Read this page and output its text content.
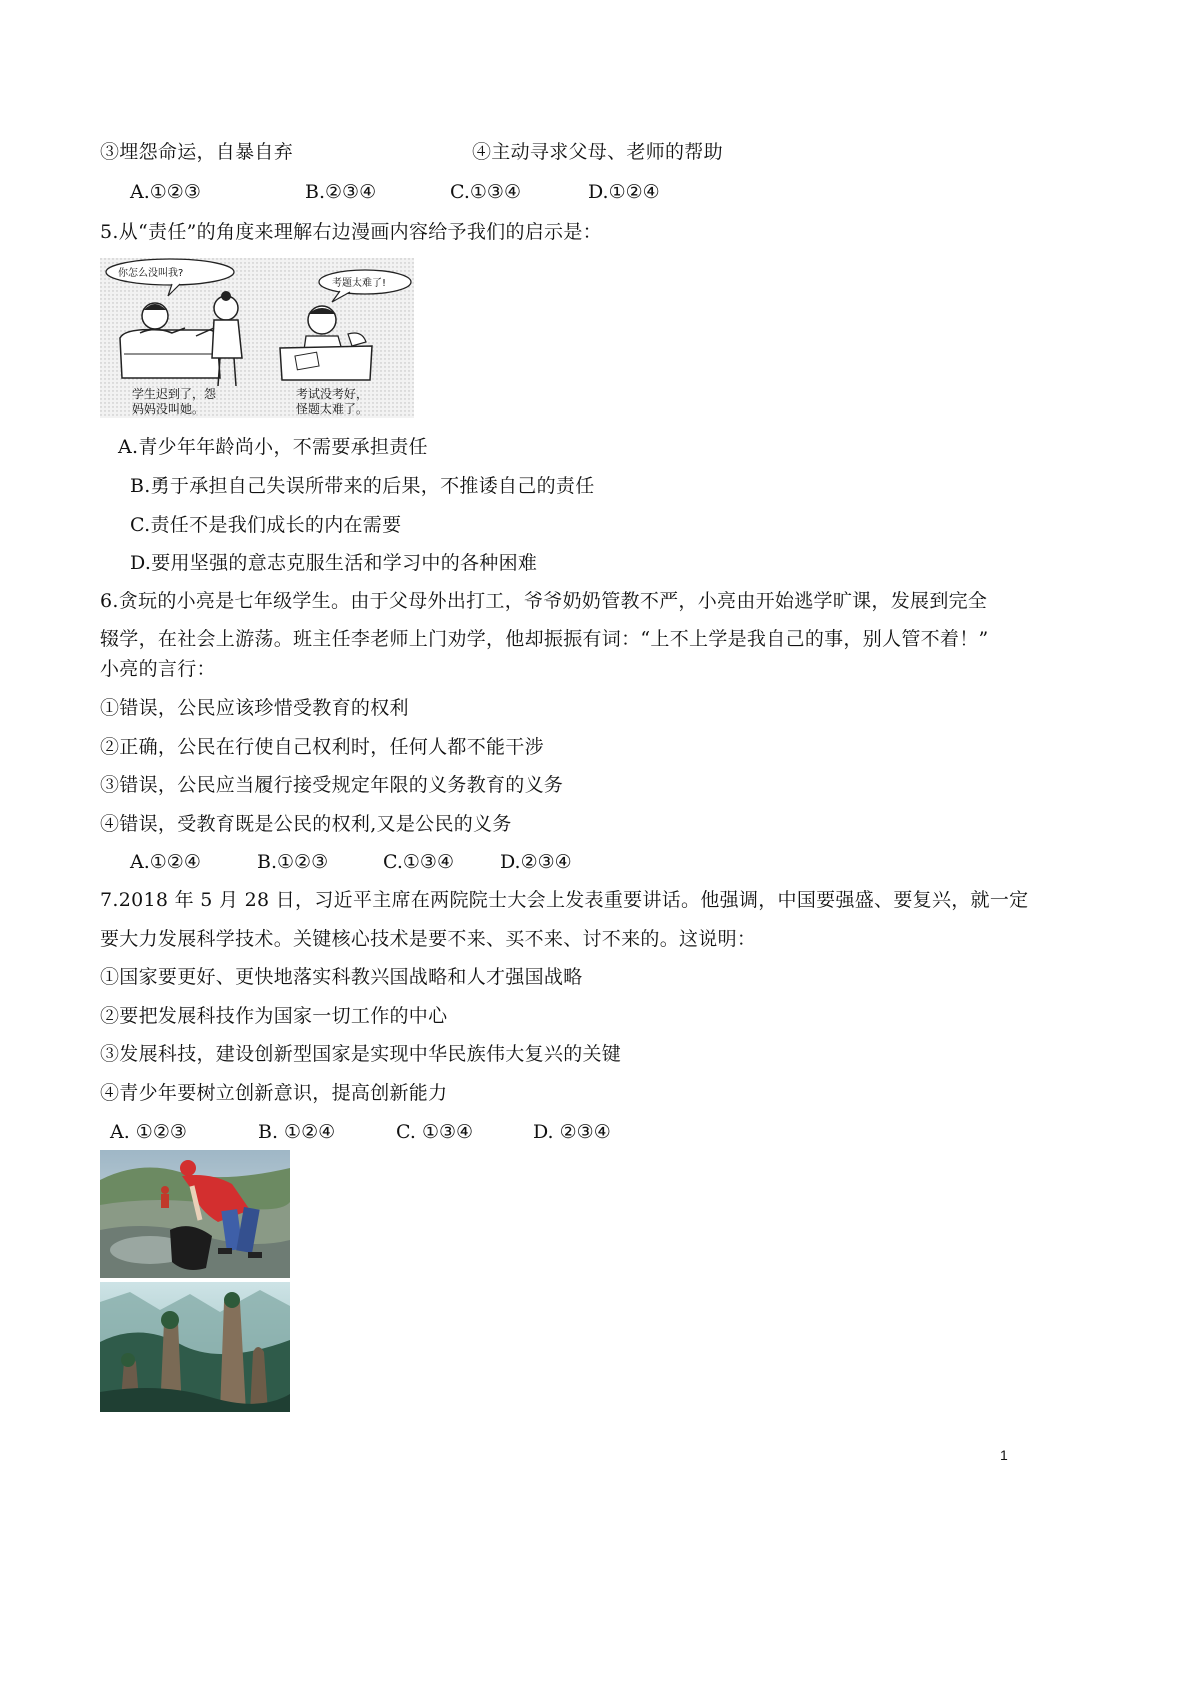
③埋怨命运，自暴自弃	④主动寻求父母、老师的帮助
A.①②③	B.②③④	C.①③④	D.①②④
5.从“责任”的角度来理解右边漫画内容给予我们的启示是：
学生迟到了，怨
妈妈没叫她。
考试没考好，
怪题太难了。
你怎么没叫我?
考题太难了!
A.青少年年龄尚小，不需要承担责任
B.勇于承担自己失误所带来的后果，不推诿自己的责任
C.责任不是我们成长的内在需要
D.要用坚强的意志克服生活和学习中的各种困难
6.贪玩的小亮是七年级学生。由于父母外出打工，爷爷奶奶管教不严，小亮由开始逃学旷课，发展到完全
辍学，在社会上游荡。班主任李老师上门劝学，他却振振有词：“上不上学是我自己的事，别人管不着！”
小亮的言行：
①错误，公民应该珍惜受教育的权利
②正确，公民在行使自己权利时，任何人都不能干涉
③错误，公民应当履行接受规定年限的义务教育的义务
④错误，受教育既是公民的权利,又是公民的义务
A.①②④	B.①②③	C.①③④ D.②③④
7.2018 年 5 月 28 日，习近平主席在两院院士大会上发表重要讲话。他强调，中国要强盛、要复兴，就一定
要大力发展科学技术。关键核心技术是要不来、买不来、讨不来的。这说明：
①国家要更好、更快地落实科教兴国战略和人才强国战略
②要把发展科技作为国家一切工作的中心
③发展科技，建设创新型国家是实现中华民族伟大复兴的关键
④青少年要树立创新意识，提高创新能力
A. ①②③	B. ①②④	C. ①③④	D. ②③④
1
